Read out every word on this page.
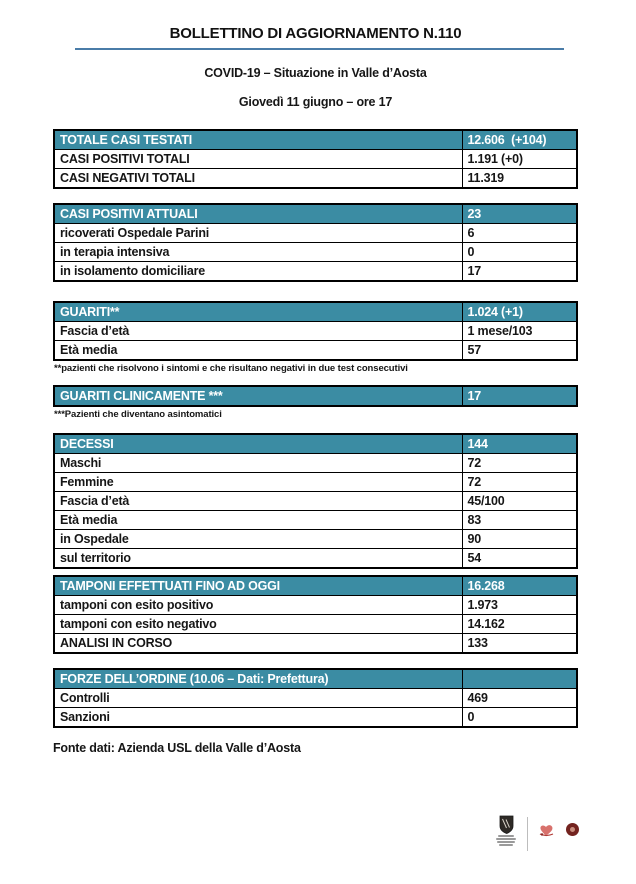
BOLLETTINO DI AGGIORNAMENTO N.110
COVID-19 – Situazione in Valle d’Aosta
Giovedì 11 giugno – ore 17
TOTALE CASI TESTATI	12.606  (+104)
CASI POSITIVI TOTALI	1.191 (+0)
CASI NEGATIVI TOTALI	11.319
CASI POSITIVI ATTUALI	23
ricoverati Ospedale Parini	6
in terapia intensiva	0
in isolamento domiciliare	17
GUARITI**	1.024 (+1)
Fascia d’età	1 mese/103
Età media	57
**pazienti che risolvono i sintomi e che risultano negativi in due test consecutivi
GUARITI CLINICAMENTE ***	17
***Pazienti che diventano asintomatici
DECESSI	144
Maschi	72
Femmine	72
Fascia d’età	45/100
Età media	83
in Ospedale	90
sul territorio	54
TAMPONI EFFETTUATI FINO AD OGGI	16.268
tamponi con esito positivo	1.973
tamponi con esito negativo	14.162
ANALISI IN CORSO	133
FORZE DELL’ORDINE (10.06 – Dati: Prefettura)	
Controlli	469
Sanzioni	0
Fonte dati: Azienda USL della Valle d’Aosta
